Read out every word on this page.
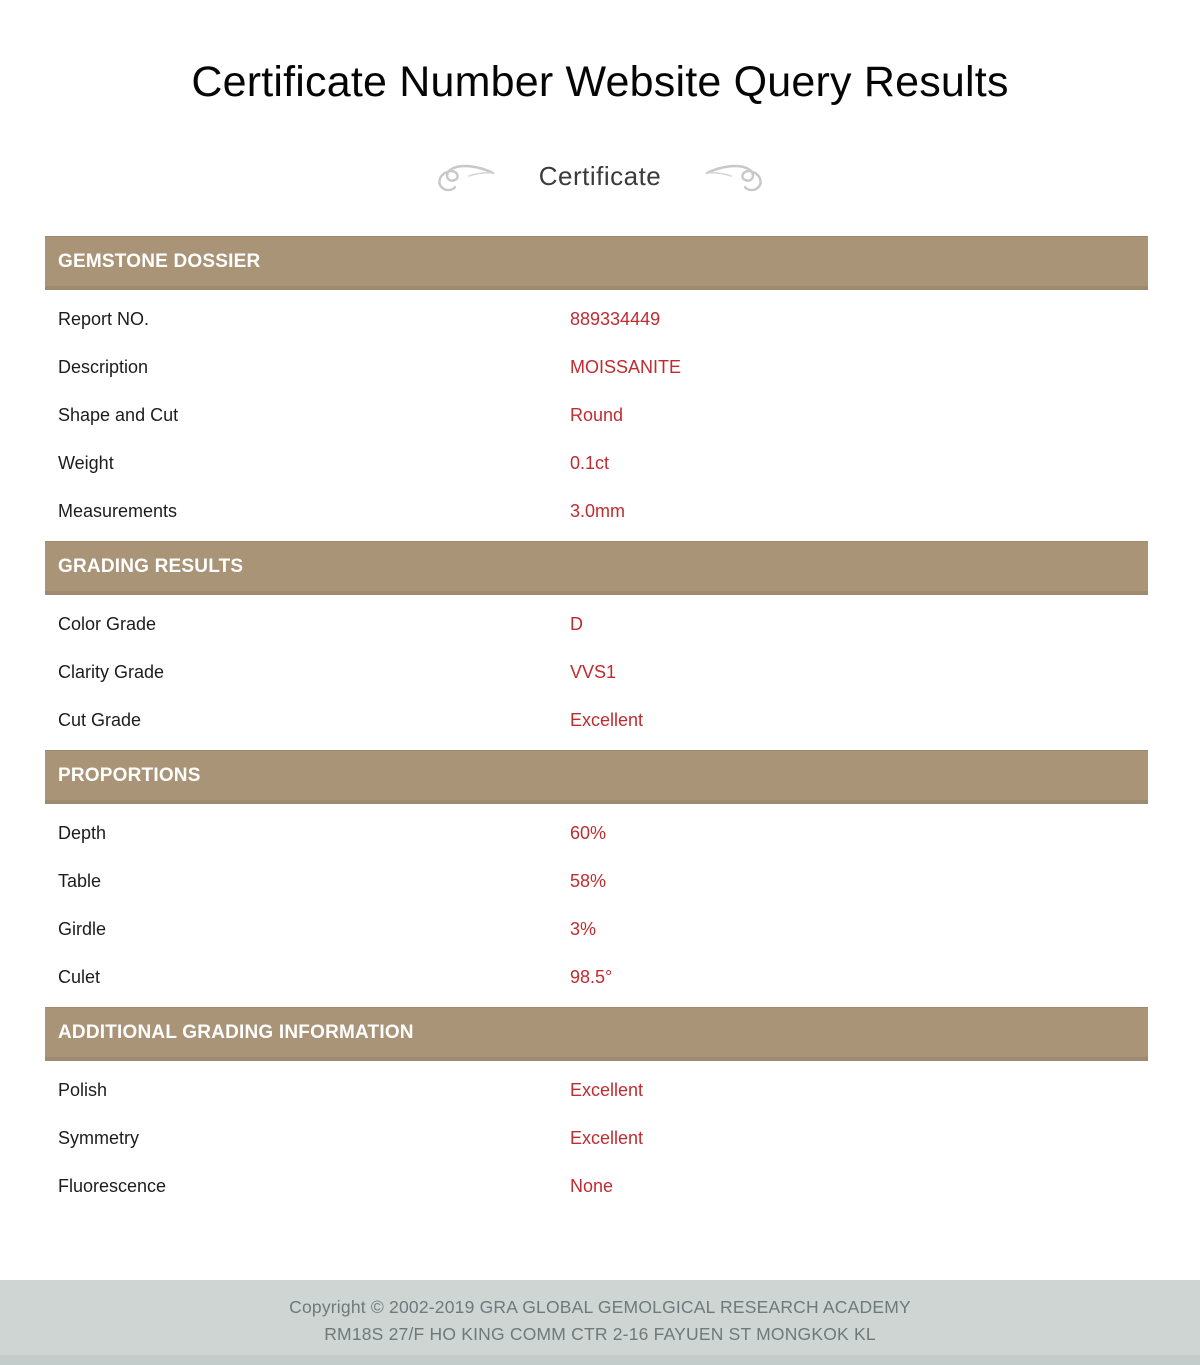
Certificate Number Website Query Results
Certificate
GEMSTONE DOSSIER
Report NO.	889334449
Description	MOISSANITE
Shape and Cut	Round
Weight	0.1ct
Measurements	3.0mm
GRADING RESULTS
Color Grade	D
Clarity Grade	VVS1
Cut Grade	Excellent
PROPORTIONS
Depth	60%
Table	58%
Girdle	3%
Culet	98.5°
ADDITIONAL GRADING INFORMATION
Polish	Excellent
Symmetry	Excellent
Fluorescence	None
Copyright © 2002-2019 GRA GLOBAL GEMOLGICAL RESEARCH ACADEMY
RM18S 27/F HO KING COMM CTR 2-16 FAYUEN ST MONGKOK KL
